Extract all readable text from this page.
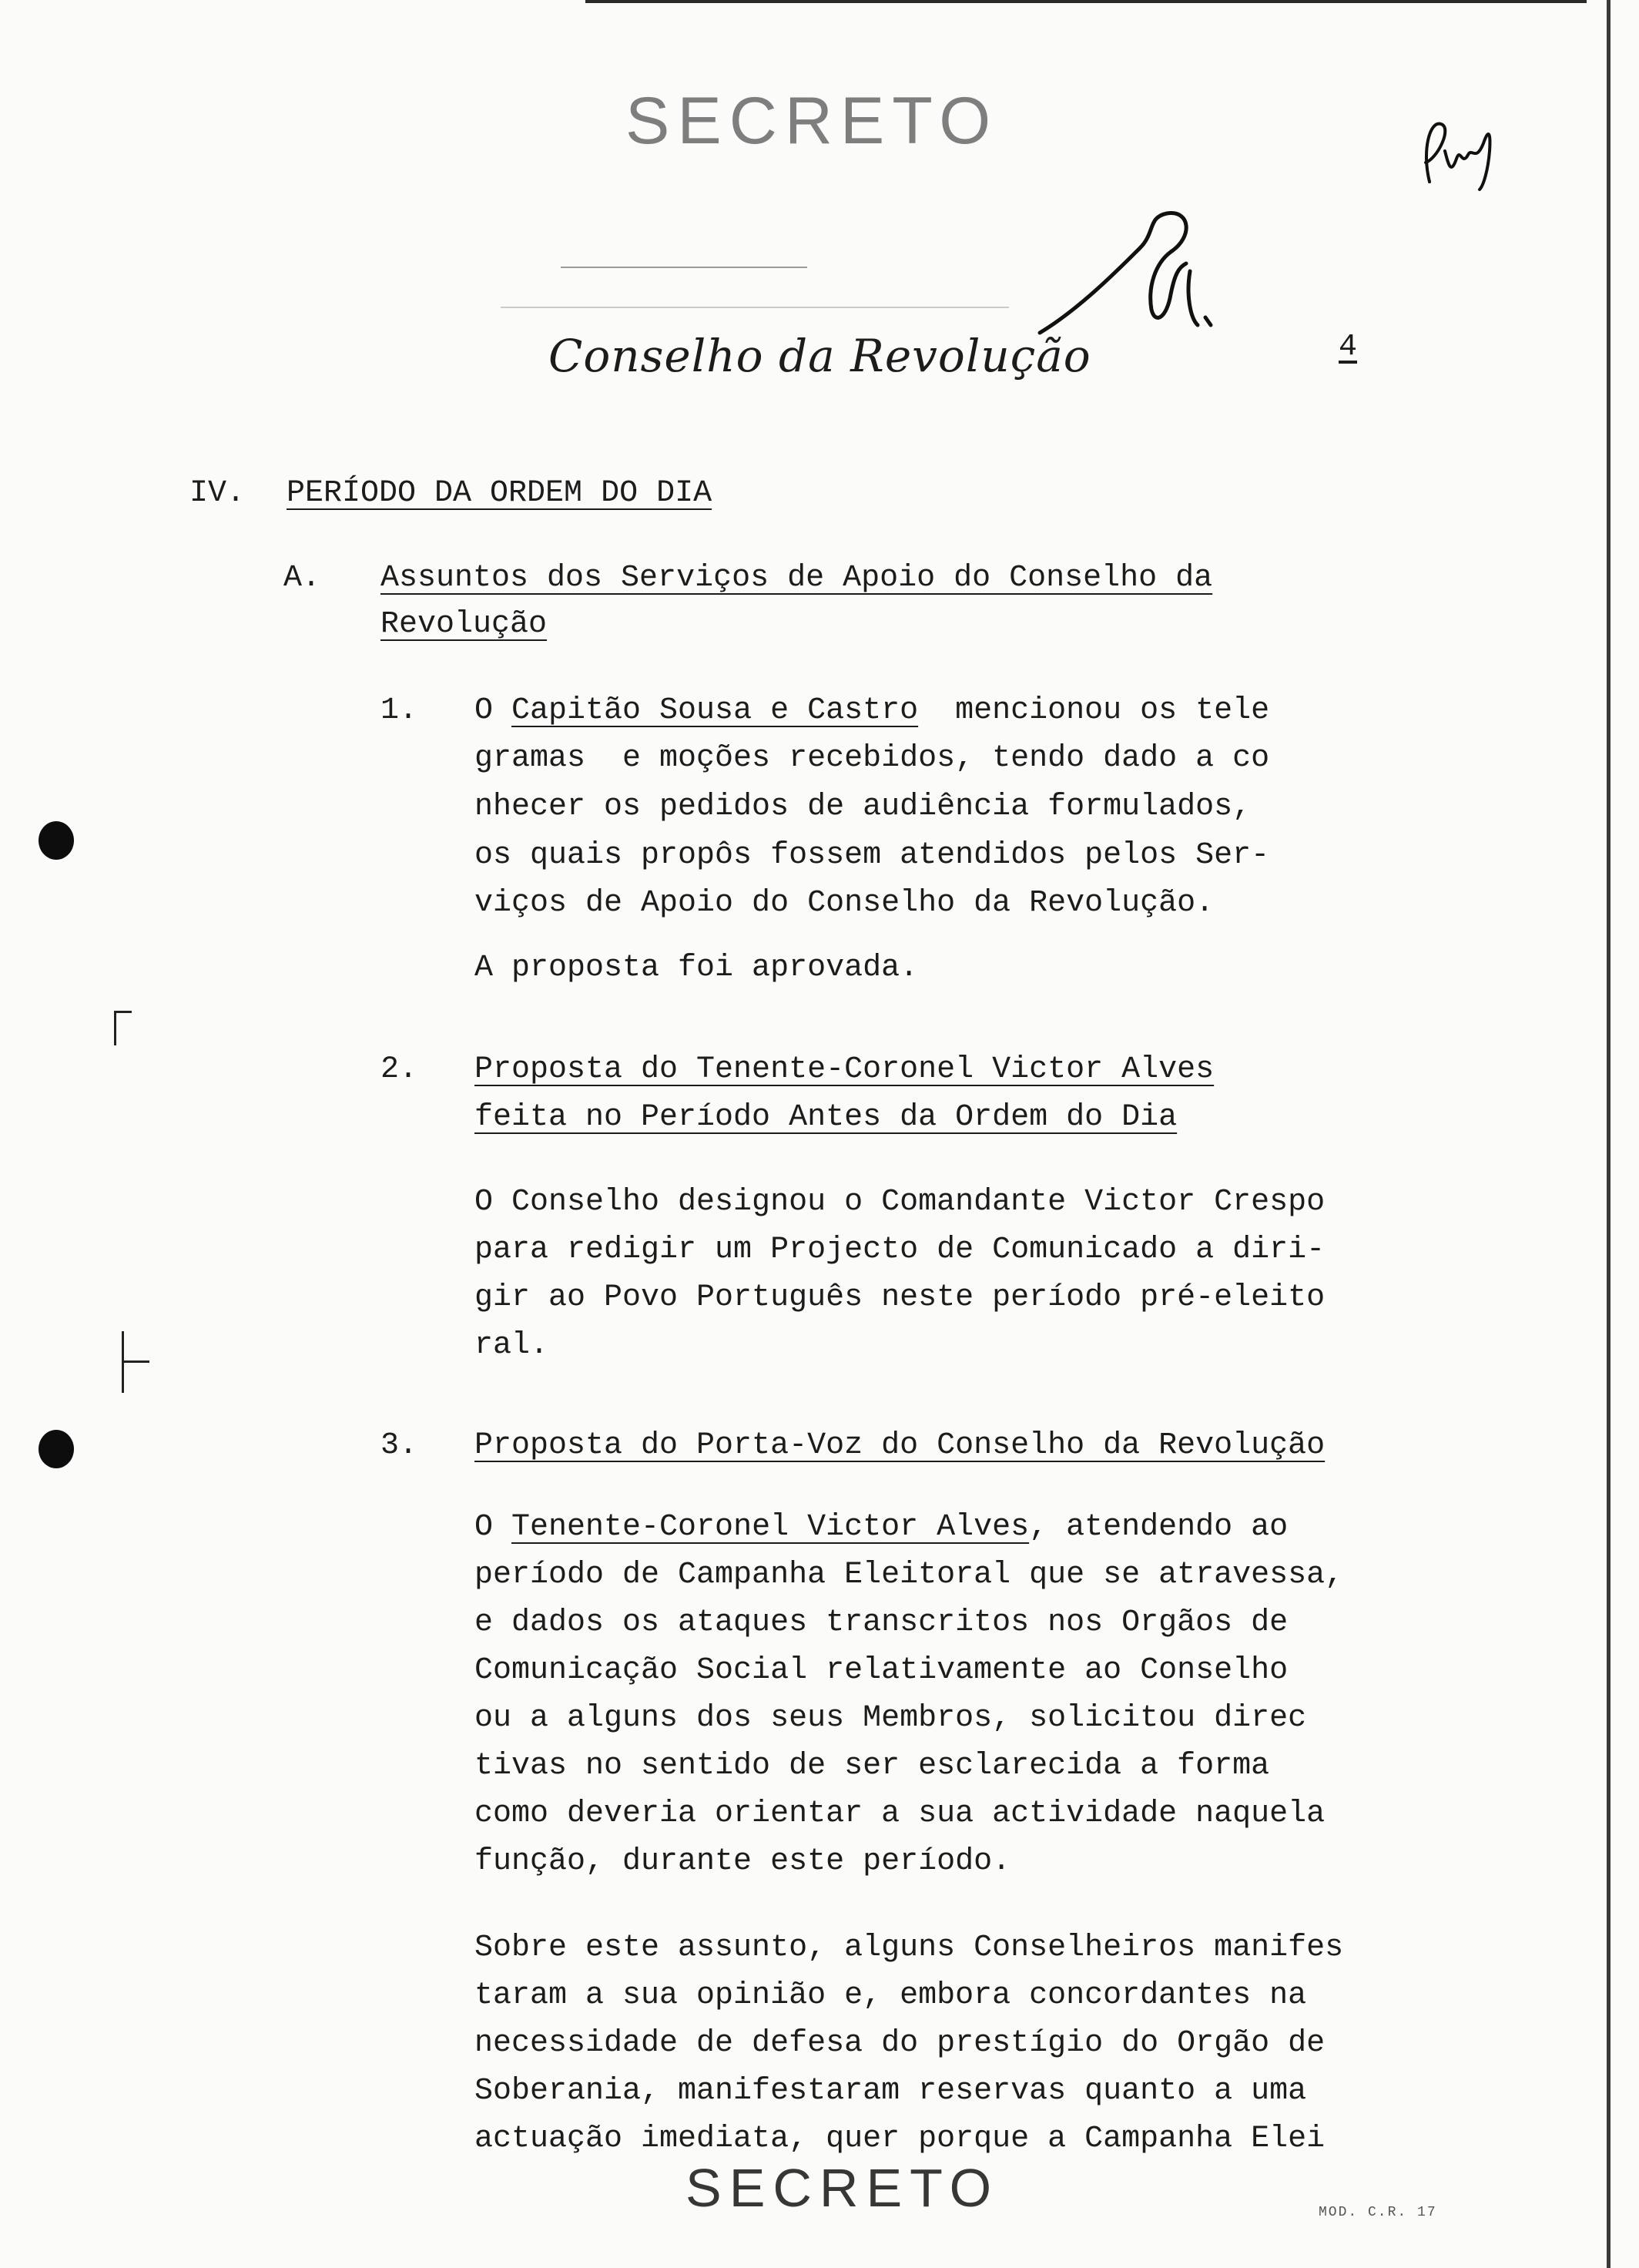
SECRETO
Conselho da Revolução	4
IV. PERÍODO DA ORDEM DO DIA
A. Assuntos dos Serviços de Apoio do Conselho da
Revolução
1. O Capitão Sousa e Castro  mencionou os tele
gramas  e moções recebidos, tendo dado a co
nhecer os pedidos de audiência formulados,
os quais propôs fossem atendidos pelos Ser-
viços de Apoio do Conselho da Revolução.
A proposta foi aprovada.
2. Proposta do Tenente-Coronel Victor Alves
feita no Período Antes da Ordem do Dia
O Conselho designou o Comandante Victor Crespo
para redigir um Projecto de Comunicado a diri-
gir ao Povo Português neste período pré-eleito
ral.
3. Proposta do Porta-Voz do Conselho da Revolução
O Tenente-Coronel Victor Alves, atendendo ao
período de Campanha Eleitoral que se atravessa,
e dados os ataques transcritos nos Orgãos de
Comunicação Social relativamente ao Conselho
ou a alguns dos seus Membros, solicitou direc
tivas no sentido de ser esclarecida a forma
como deveria orientar a sua actividade naquela
função, durante este período.
Sobre este assunto, alguns Conselheiros manifes
taram a sua opinião e, embora concordantes na
necessidade de defesa do prestígio do Orgão de
Soberania, manifestaram reservas quanto a uma
actuação imediata, quer porque a Campanha Elei
SECRETO	MOD. C.R. 17
